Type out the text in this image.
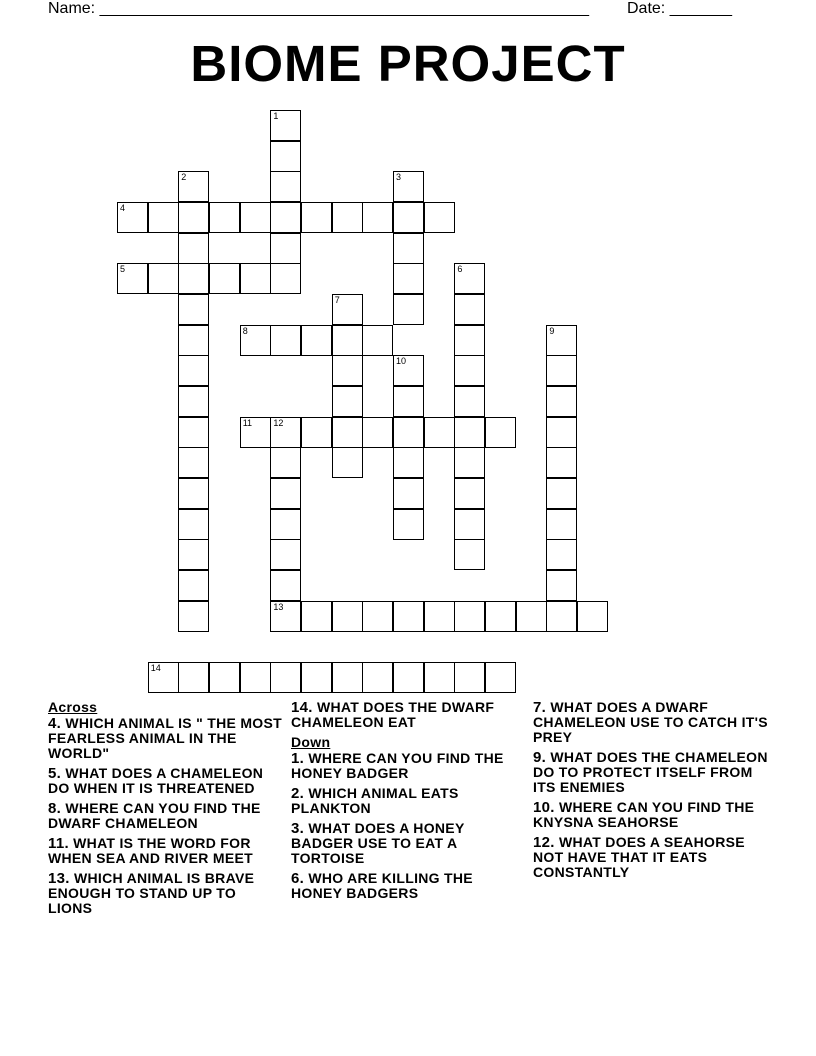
Name: _______________________________________________________ Date: _______
BIOME PROJECT
1
2	3
4
5	6
7
8	9
10
11 12
13
14
Across
4. WHICH ANIMAL IS " THE MOST FEARLESS ANIMAL IN THE WORLD"
5. WHAT DOES A CHAMELEON DO WHEN IT IS THREATENED
8. WHERE CAN YOU FIND THE DWARF CHAMELEON
11. WHAT IS THE WORD FOR WHEN SEA AND RIVER MEET
13. WHICH ANIMAL IS BRAVE ENOUGH TO STAND UP TO LIONS
14. WHAT DOES THE DWARF CHAMELEON EAT
Down
1. WHERE CAN YOU FIND THE HONEY BADGER
2. WHICH ANIMAL EATS PLANKTON
3. WHAT DOES A HONEY BADGER USE TO EAT A TORTOISE
6. WHO ARE KILLING THE HONEY BADGERS
7. WHAT DOES A DWARF CHAMELEON USE TO CATCH IT'S PREY
9. WHAT DOES THE CHAMELEON DO TO PROTECT ITSELF FROM ITS ENEMIES
10. WHERE CAN YOU FIND THE KNYSNA SEAHORSE
12. WHAT DOES A SEAHORSE NOT HAVE THAT IT EATS CONSTANTLY
